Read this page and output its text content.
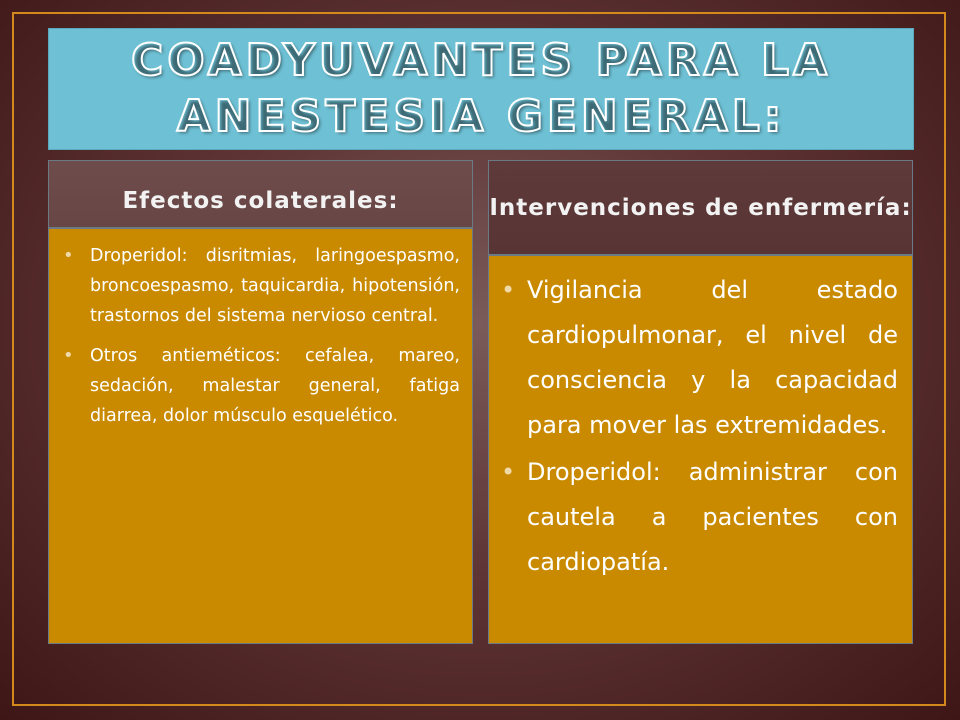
COADYUVANTES PARA LA
ANESTESIA GENERAL:
Efectos colaterales:
• Droperidol: disritmias, laringoespasmo, broncoespasmo, taquicardia, hipotensión, trastornos del sistema nervioso central.
• Otros antieméticos: cefalea, mareo, sedación, malestar general, fatiga diarrea, dolor músculo esquelético.
Intervenciones de enfermería:
• Vigilancia del estado cardiopulmonar, el nivel de consciencia y la capacidad para mover las extremidades.
• Droperidol: administrar con cautela a pacientes con cardiopatía.
